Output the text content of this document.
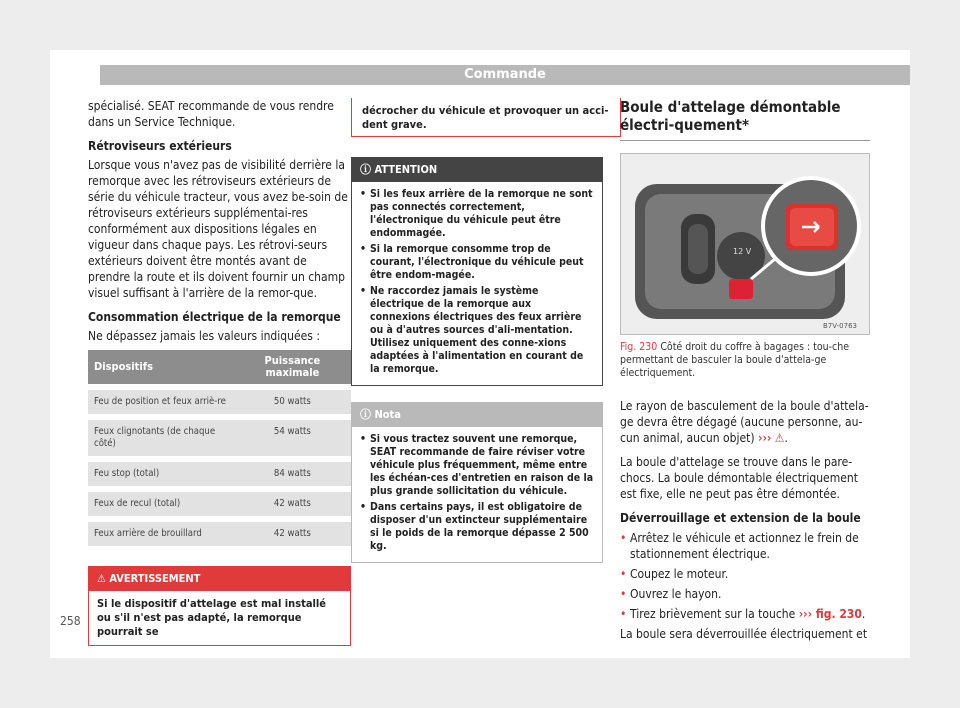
Commande

spécialisé. SEAT recommande de vous rendre dans un Service Technique.

Rétroviseurs extérieurs

Lorsque vous n'avez pas de visibilité derrière la remorque avec les rétroviseurs extérieurs de série du véhicule tracteur, vous avez be-soin de rétroviseurs extérieurs supplémentai-res conformément aux dispositions légales en vigueur dans chaque pays. Les rétrovi-seurs extérieurs doivent être montés avant de prendre la route et ils doivent fournir un champ visuel suffisant à l'arrière de la remor-que.

Consommation électrique de la remorque

Ne dépassez jamais les valeurs indiquées :

Dispositifs	Puissance maximale
Feu de position et feux arriè-re	50 watts
Feux clignotants (de chaque côté)	54 watts
Feu stop (total)	84 watts
Feux de recul (total)	42 watts
Feux arrière de brouillard	42 watts
⚠ AVERTISSEMENT
Si le dispositif d'attelage est mal installé ou s'il n'est pas adapté, la remorque pourrait se
décrocher du véhicule et provoquer un acci-dent grave.
ⓘ ATTENTION
• Si les feux arrière de la remorque ne sont pas connectés correctement, l'électronique du véhicule peut être endommagée.
• Si la remorque consomme trop de courant, l'électronique du véhicule peut être endom-magée.
• Ne raccordez jamais le système électrique de la remorque aux connexions électriques des feux arrière ou à d'autres sources d'ali-mentation. Utilisez uniquement des conne-xions adaptées à l'alimentation en courant de la remorque.
ⓘ Nota
• Si vous tractez souvent une remorque, SEAT recommande de faire réviser votre véhicule plus fréquemment, même entre les échéan-ces d'entretien en raison de la plus grande sollicitation du véhicule.
• Dans certains pays, il est obligatoire de disposer d'un extincteur supplémentaire si le poids de la remorque dépasse 2 500 kg.
Boule d'attelage démontable électri-quement*
12 V
B7V-0763
Fig. 230 Côté droit du coffre à bagages : tou-che permettant de basculer la boule d'attela-ge électriquement.

Le rayon de basculement de la boule d'attela-ge devra être dégagé (aucune personne, au-cun animal, aucun objet) ››› ⚠.

La boule d'attelage se trouve dans le pare-chocs. La boule démontable électriquement est fixe, elle ne peut pas être démontée.

Déverrouillage et extension de la boule
• Arrêtez le véhicule et actionnez le frein de stationnement électrique.
• Coupez le moteur.
• Ouvrez le hayon.
• Tirez brièvement sur la touche ››› fig. 230.
La boule sera déverrouillée électriquement et
258
